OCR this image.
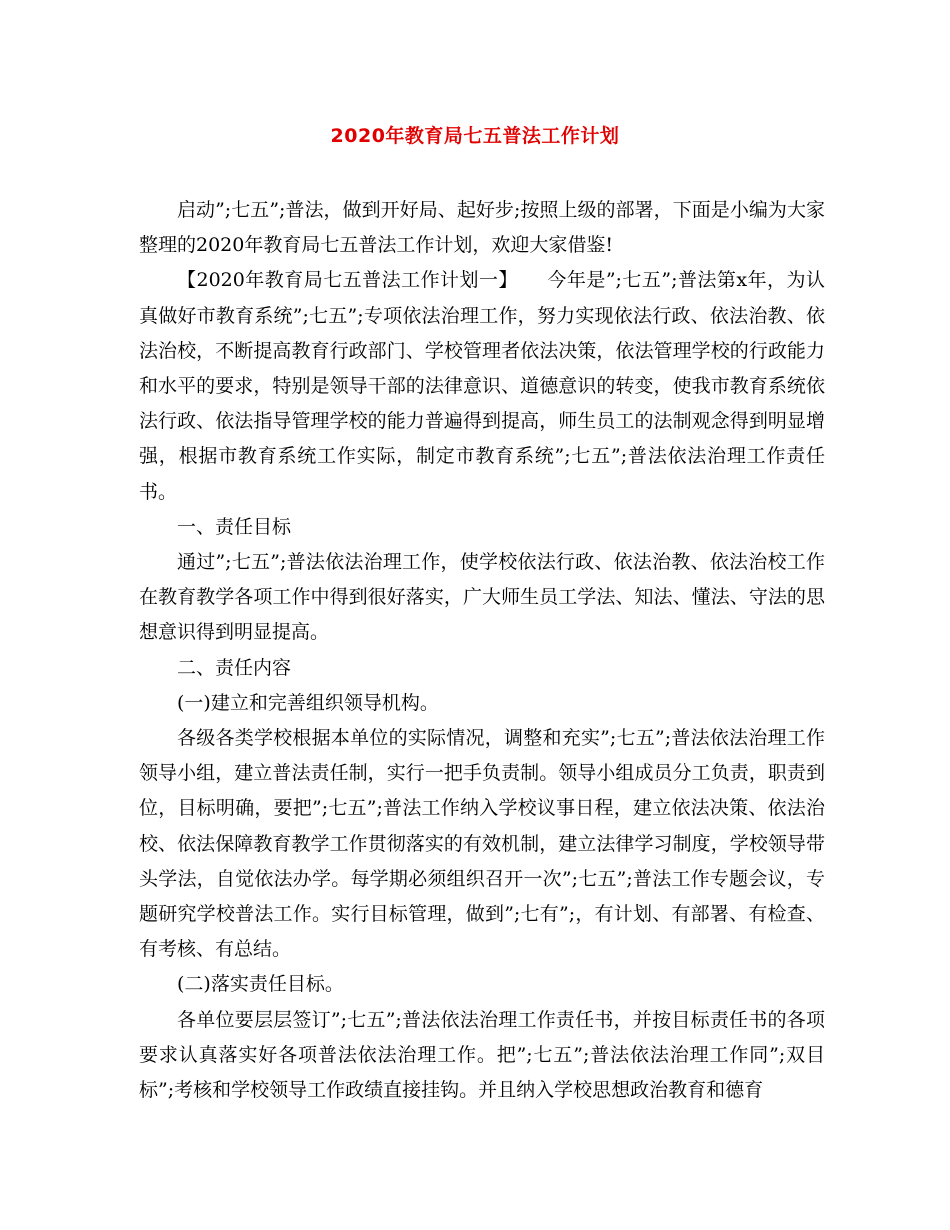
2020年教育局七五普法工作计划

启动”;七五”;普法，做到开好局、起好步;按照上级的部署，下面是小编为大家整理的2020年教育局七五普法工作计划，欢迎大家借鉴!

【2020年教育局七五普法工作计划一】　　今年是”;七五”;普法第x年，为认真做好市教育系统”;七五”;专项依法治理工作，努力实现依法行政、依法治教、依法治校，不断提高教育行政部门、学校管理者依法决策，依法管理学校的行政能力和水平的要求，特别是领导干部的法律意识、道德意识的转变，使我市教育系统依法行政、依法指导管理学校的能力普遍得到提高，师生员工的法制观念得到明显增强，根据市教育系统工作实际，制定市教育系统”;七五”;普法依法治理工作责任书。

一、责任目标

通过”;七五”;普法依法治理工作，使学校依法行政、依法治教、依法治校工作在教育教学各项工作中得到很好落实，广大师生员工学法、知法、懂法、守法的思想意识得到明显提高。

二、责任内容

(一)建立和完善组织领导机构。

各级各类学校根据本单位的实际情况，调整和充实”;七五”;普法依法治理工作领导小组，建立普法责任制，实行一把手负责制。领导小组成员分工负责，职责到位，目标明确，要把”;七五”;普法工作纳入学校议事日程，建立依法决策、依法治校、依法保障教育教学工作贯彻落实的有效机制，建立法律学习制度，学校领导带头学法，自觉依法办学。每学期必须组织召开一次”;七五”;普法工作专题会议，专题研究学校普法工作。实行目标管理，做到”;七有”;，有计划、有部署、有检查、有考核、有总结。

(二)落实责任目标。

各单位要层层签订”;七五”;普法依法治理工作责任书，并按目标责任书的各项要求认真落实好各项普法依法治理工作。把”;七五”;普法依法治理工作同”;双目标”;考核和学校领导工作政绩直接挂钩。并且纳入学校思想政治教育和德育
